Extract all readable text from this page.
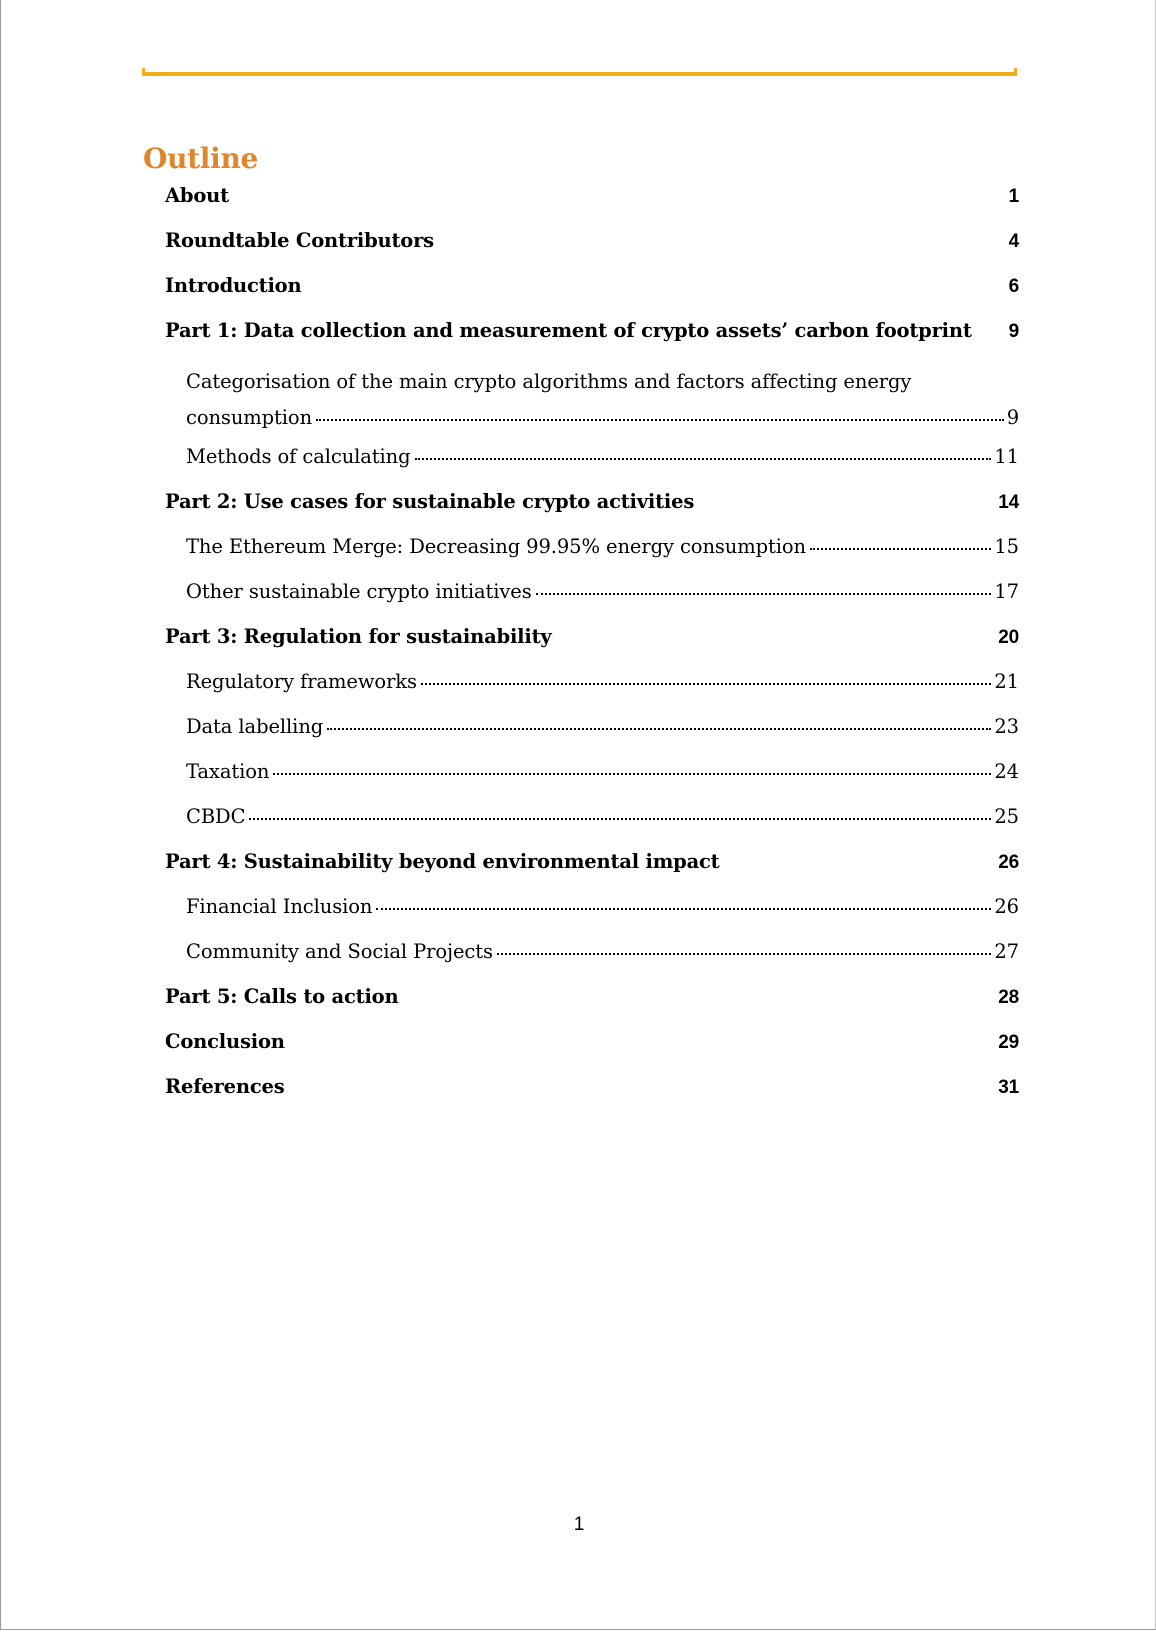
Outline
About	1
Roundtable Contributors	4
Introduction	6
Part 1: Data collection and measurement of crypto assets’ carbon footprint 9
Categorisation of the main crypto algorithms and factors affecting energy
consumption	9
Methods of calculating	11
Part 2: Use cases for sustainable crypto activities	14
The Ethereum Merge: Decreasing 99.95% energy consumption	15
Other sustainable crypto initiatives	17
Part 3: Regulation for sustainability	20
Regulatory frameworks	21
Data labelling	23
Taxation	24
CBDC	25
Part 4: Sustainability beyond environmental impact	26
Financial Inclusion	26
Community and Social Projects	27
Part 5: Calls to action	28
Conclusion	29
References	31
1
